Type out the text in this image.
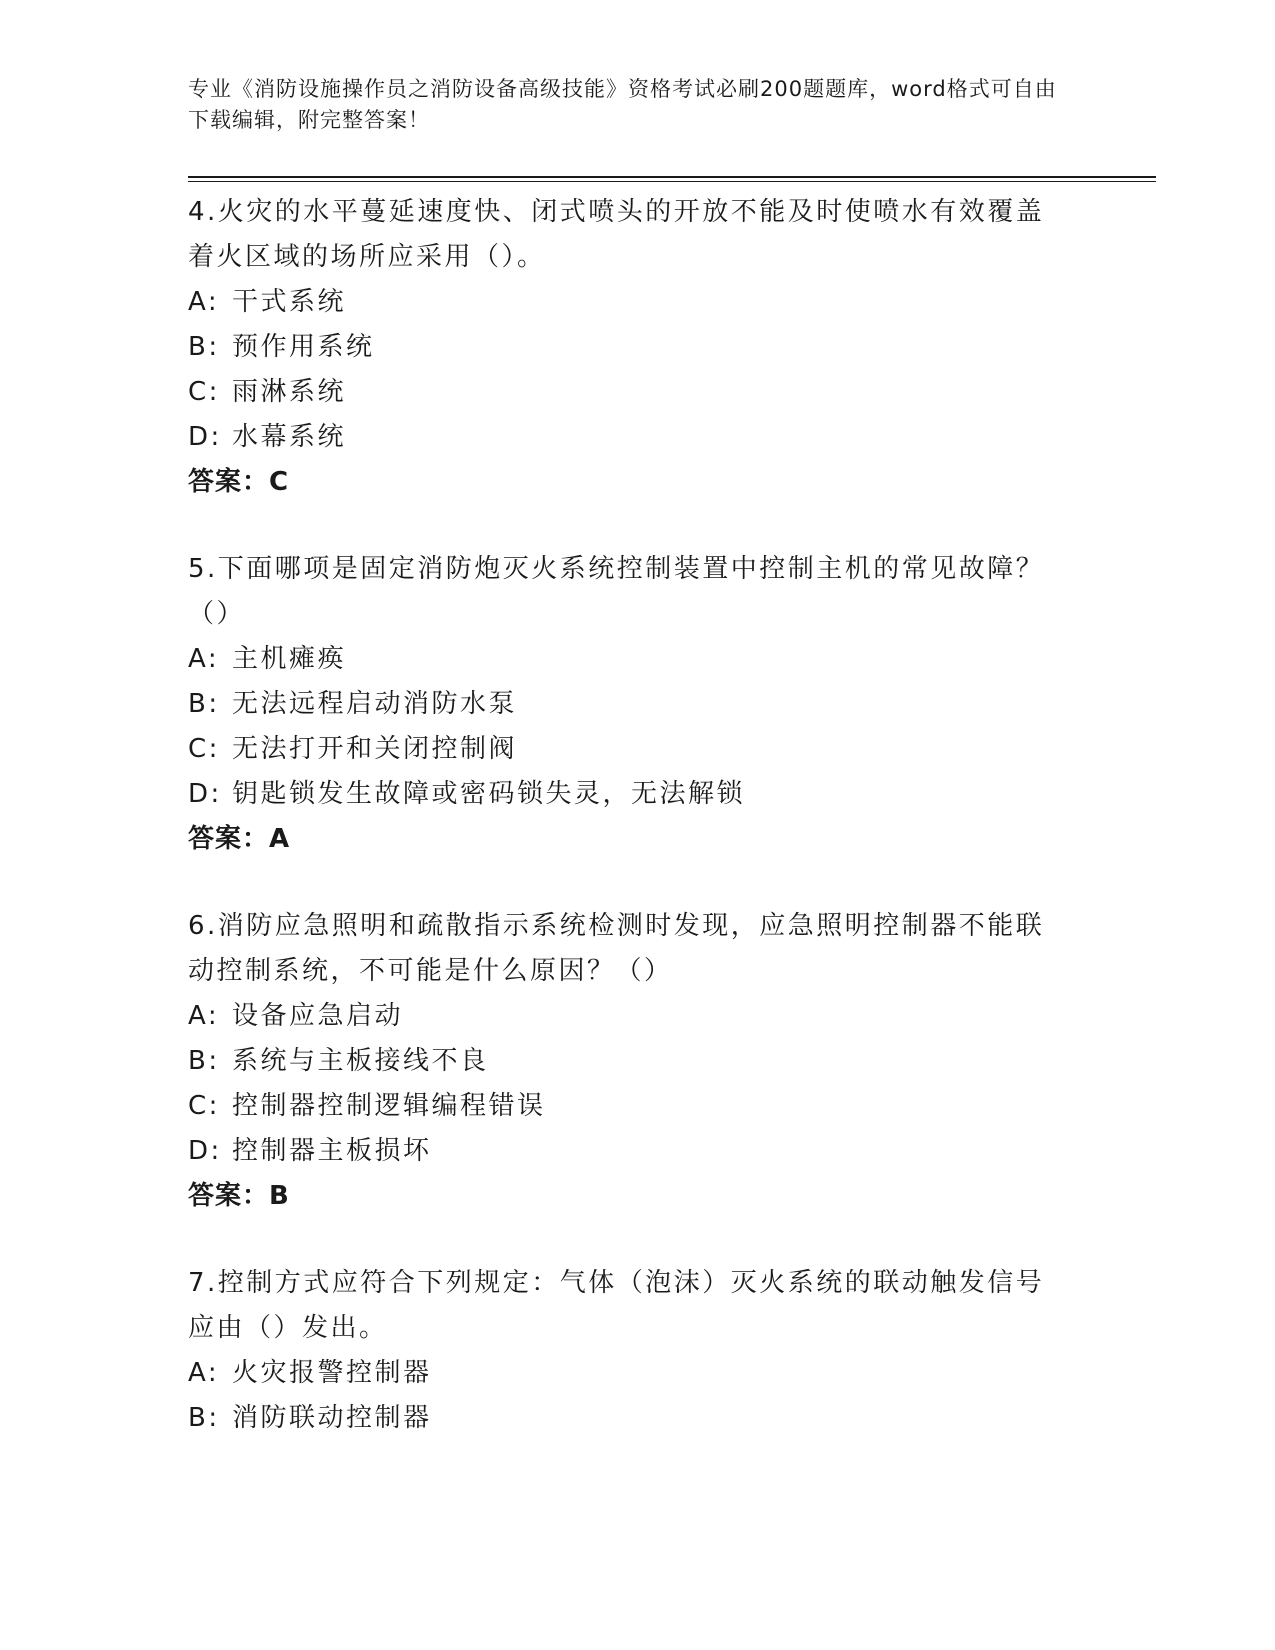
专业《消防设施操作员之消防设备高级技能》资格考试必刷200题题库，word格式可自由下载编辑，附完整答案！
4.火灾的水平蔓延速度快、闭式喷头的开放不能及时使喷水有效覆盖着火区域的场所应采用（）。
A: 干式系统
B: 预作用系统
C: 雨淋系统
D: 水幕系统
答案：C
5.下面哪项是固定消防炮灭火系统控制装置中控制主机的常见故障？（）
A: 主机瘫痪
B: 无法远程启动消防水泵
C: 无法打开和关闭控制阀
D: 钥匙锁发生故障或密码锁失灵，无法解锁
答案：A
6.消防应急照明和疏散指示系统检测时发现，应急照明控制器不能联动控制系统，不可能是什么原因？（）
A: 设备应急启动
B: 系统与主板接线不良
C: 控制器控制逻辑编程错误
D: 控制器主板损坏
答案：B
7.控制方式应符合下列规定：气体（泡沫）灭火系统的联动触发信号应由（）发出。
A: 火灾报警控制器
B: 消防联动控制器
